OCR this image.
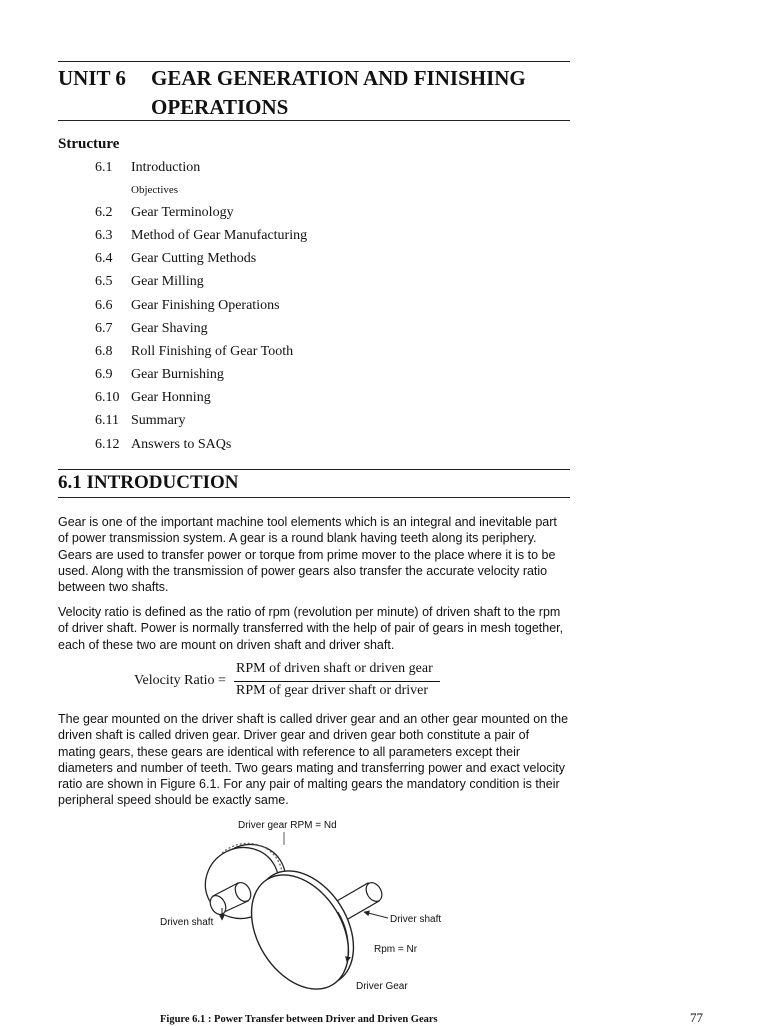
UNIT 6 GEAR GENERATION AND FINISHING OPERATIONS
Structure
6.1 Introduction
Objectives
6.2 Gear Terminology
6.3 Method of Gear Manufacturing
6.4 Gear Cutting Methods
6.5 Gear Milling
6.6 Gear Finishing Operations
6.7 Gear Shaving
6.8 Roll Finishing of Gear Tooth
6.9 Gear Burnishing
6.10 Gear Honning
6.11 Summary
6.12 Answers to SAQs
6.1 INTRODUCTION

Gear is one of the important machine tool elements which is an integral and inevitable part of power transmission system. A gear is a round blank having teeth along its periphery. Gears are used to transfer power or torque from prime mover to the place where it is to be used. Along with the transmission of power gears also transfer the accurate velocity ratio between two shafts.

Velocity ratio is defined as the ratio of rpm (revolution per minute) of driven shaft to the rpm of driver shaft. Power is normally transferred with the help of pair of gears in mesh together, each of these two are mount on driven shaft and driver shaft.

Velocity Ratio =
RPM of driven shaft or driven gear
RPM of gear driver shaft or driver

The gear mounted on the driver shaft is called driver gear and an other gear mounted on the driven shaft is called driven gear. Driver gear and driven gear both constitute a pair of mating gears, these gears are identical with reference to all parameters except their diameters and number of teeth. Two gears mating and transferring power and exact velocity ratio are shown in Figure 6.1. For any pair of malting gears the mandatory condition is their peripheral speed should be exactly same.

Driver gear RPM = Nd
Driven shaft	Driver shaft
Rpm = Nr
Driver Gear
Figure 6.1 : Power Transfer between Driver and Driven Gears	77
